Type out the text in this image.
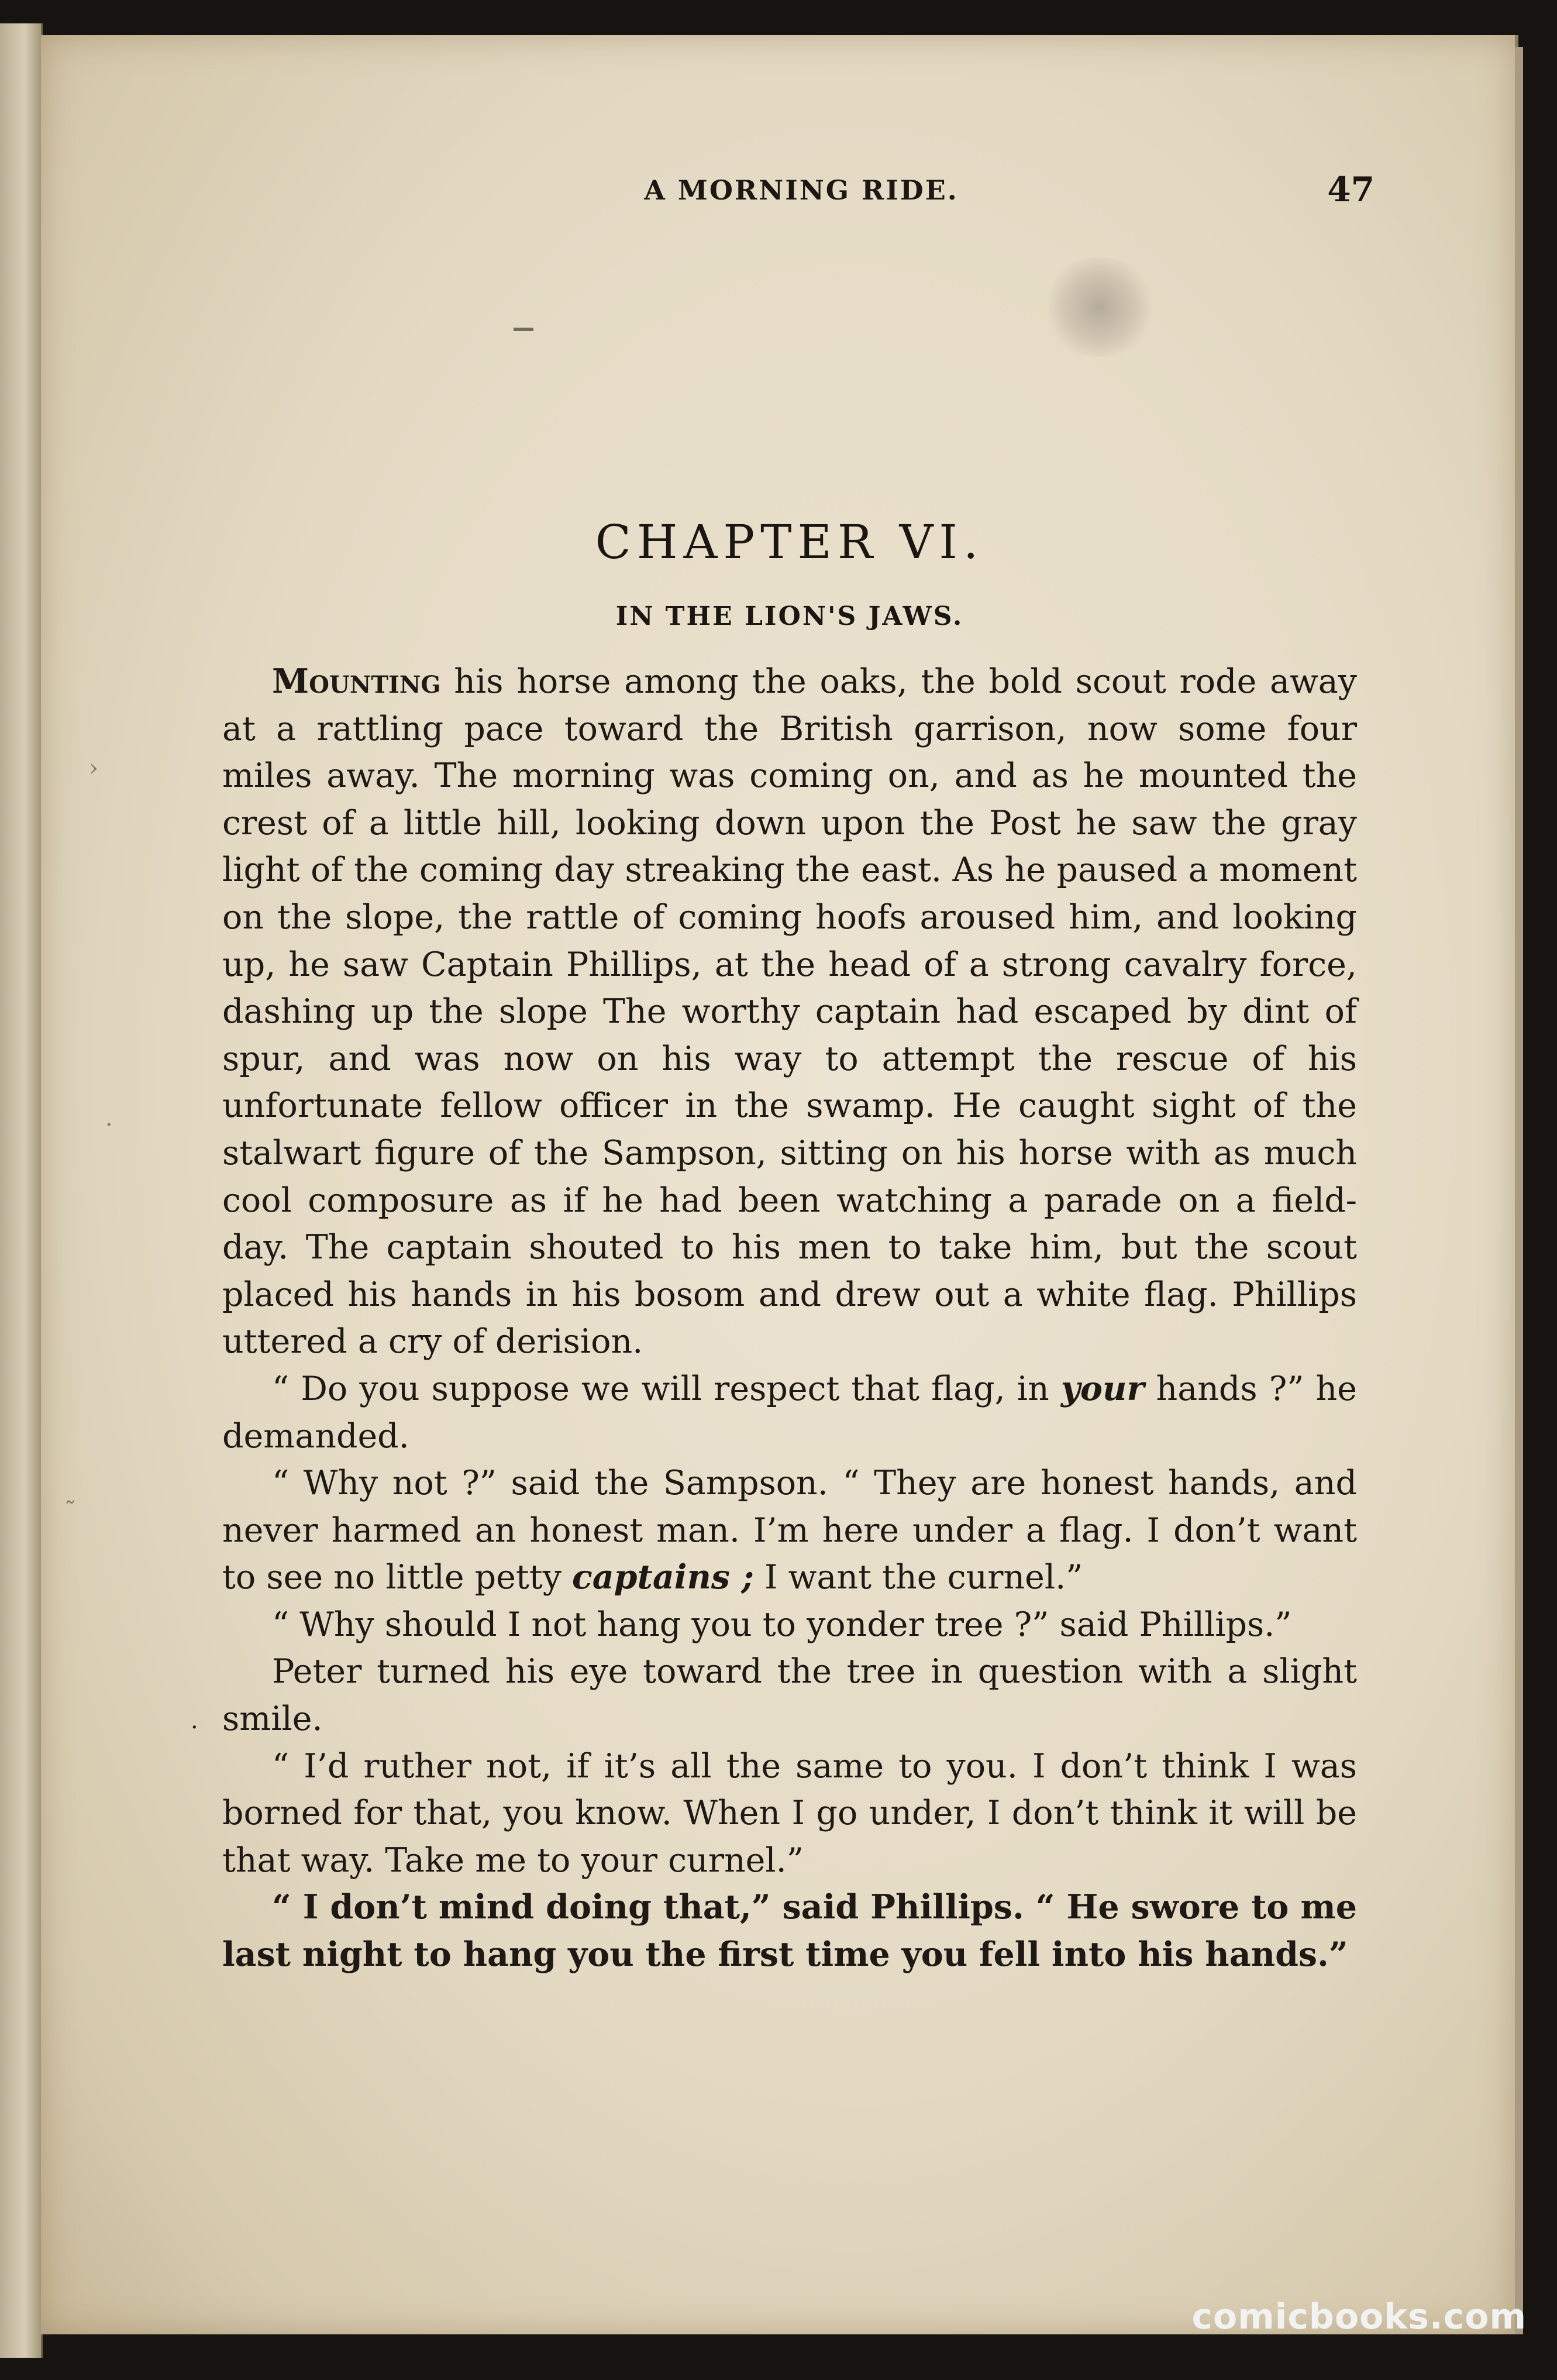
A MORNING RIDE.	47
CHAPTER VI.
IN THE LION'S JAWS.

Mounting his horse among the oaks, the bold scout rode away at a rattling pace toward the British garrison, now some four miles away. The morning was coming on, and as he mounted the crest of a little hill, looking down upon the Post he saw the gray light of the coming day streaking the east. As he paused a moment on the slope, the rattle of coming hoofs aroused him, and looking up, he saw Captain Phillips, at the head of a strong cavalry force, dashing up the slope The worthy captain had escaped by dint of spur, and was now on his way to attempt the rescue of his unfortunate fellow officer in the swamp. He caught sight of the stalwart figure of the Sampson, sitting on his horse with as much cool composure as if he had been watching a parade on a field-day. The captain shouted to his men to take him, but the scout placed his hands in his bosom and drew out a white flag. Phillips uttered a cry of derision.

“ Do you suppose we will respect that flag, in your hands ?” he demanded.

“ Why not ?” said the Sampson. “ They are honest hands, and never harmed an honest man. I’m here under a flag. I don’t want to see no little petty captains ; I want the curnel.”

“ Why should I not hang you to yonder tree ?” said Phillips.”

Peter turned his eye toward the tree in question with a slight smile.

“ I’d ruther not, if it’s all the same to you. I don’t think I was borned for that, you know. When I go under, I don’t think it will be that way. Take me to your curnel.”

“ I don’t mind doing that,” said Phillips. “ He swore to me last night to hang you the first time you fell into his hands.”

›
·
˜
·
comicbooks.com
